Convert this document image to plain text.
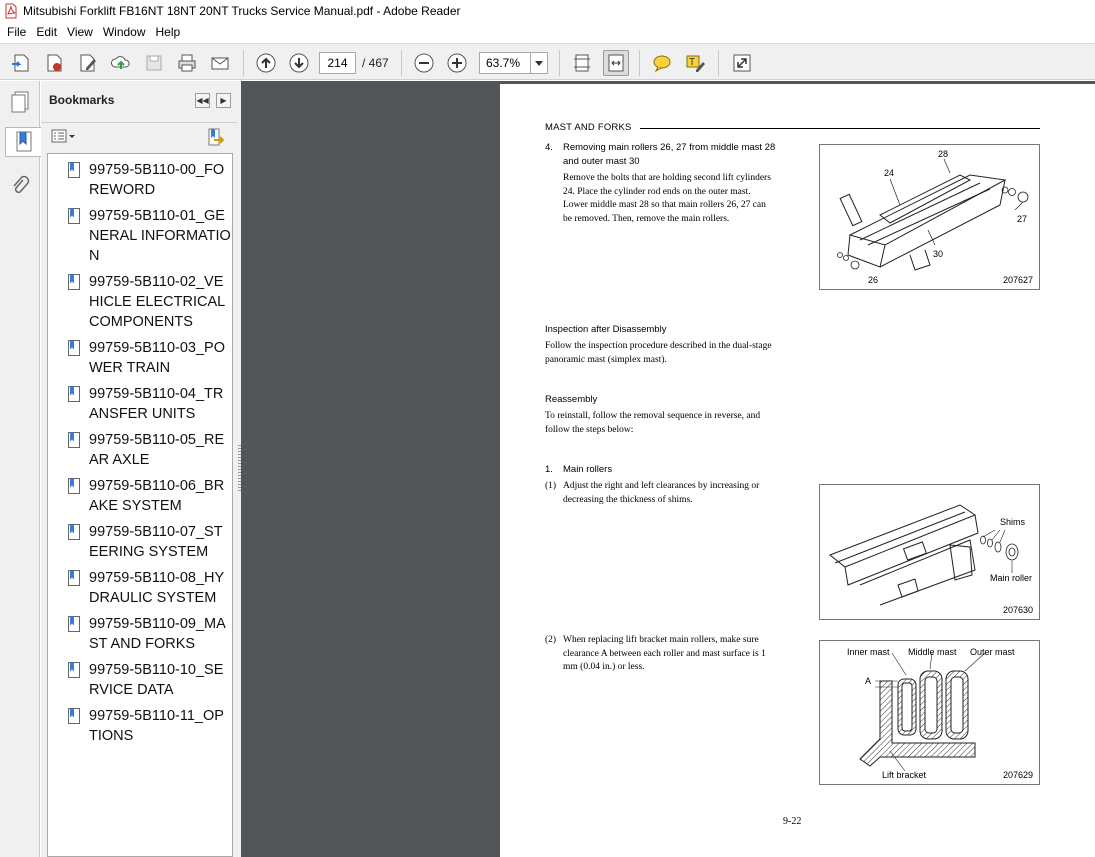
Mitsubishi Forklift FB16NT 18NT 20NT Trucks Service Manual.pdf - Adobe Reader
File Edit View Window Help
214	/ 467	63.7%	T
Bookmarks	◀◀	▶
99759-5B110-00_FOREWORD
99759-5B110-01_GENERAL INFORMATION
99759-5B110-02_VEHICLE ELECTRICAL COMPONENTS
99759-5B110-03_POWER TRAIN
99759-5B110-04_TRANSFER UNITS
99759-5B110-05_REAR AXLE
99759-5B110-06_BRAKE SYSTEM
99759-5B110-07_STEERING SYSTEM
99759-5B110-08_HYDRAULIC SYSTEM
99759-5B110-09_MAST AND FORKS
99759-5B110-10_SERVICE DATA
99759-5B110-11_OPTIONS
MAST AND FORKS
4. Removing main rollers 26, 27 from middle mast 28
and outer mast 30
Remove the bolts that are holding second lift cylinders
24. Place the cylinder rod ends on the outer mast.
Lower middle mast 28 so that main rollers 26, 27 can
be removed. Then, remove the main rollers.
28
24
27
30
26	207627
Inspection after Disassembly
Follow the inspection procedure described in the dual-stage
panoramic mast (simplex mast).
Reassembly
To reinstall, follow the removal sequence in reverse, and
follow the steps below:
1. Main rollers
(1) Adjust the right and left clearances by increasing or
decreasing the thickness of shims.
Shims
Main roller
207630
(2) When replacing lift bracket main rollers, make sure
clearance A between each roller and mast surface is 1
mm (0.04 in.) or less.
Inner mast Middle mast Outer mast
A
Lift bracket	207629
9-22
